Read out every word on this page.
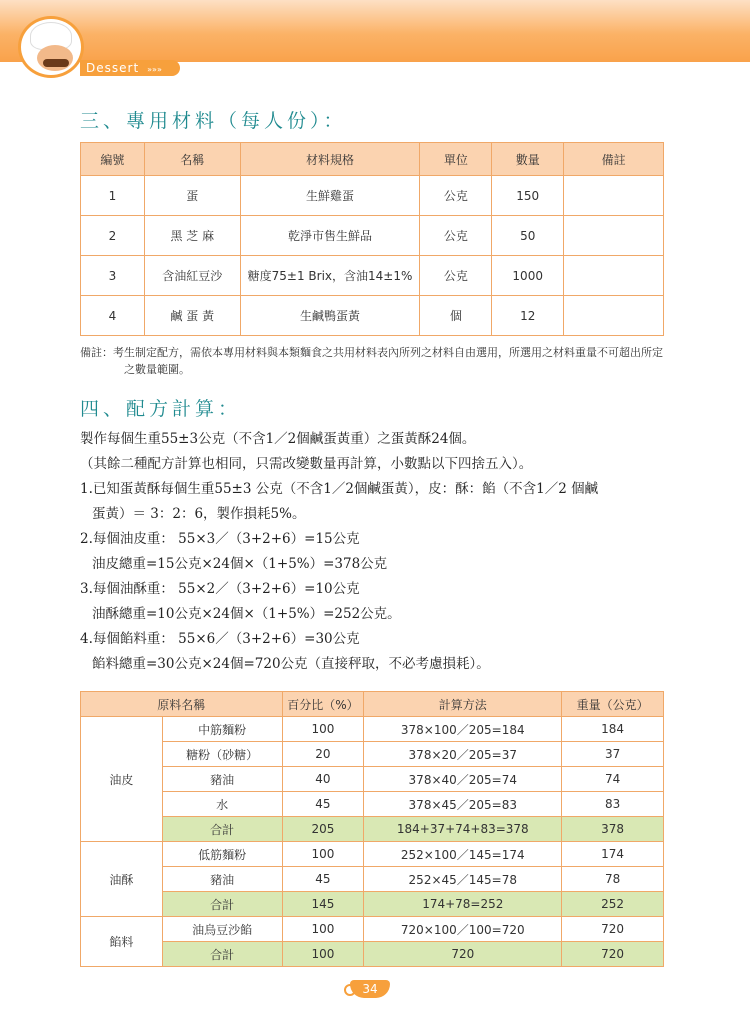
Dessert »»»
三、專用材料（每人份）：
編號	名稱	材料規格	單位	數量	備註
1	蛋	生鮮雞蛋	公克	150	
2	黑 芝 麻	乾淨市售生鮮品	公克	50	
3	含油紅豆沙	糖度75±1 Brix，含油14±1%	公克	1000	
4	鹹 蛋 黃	生鹹鴨蛋黃	個	12	
備註：考生制定配方，需依本專用材料與本類麵食之共用材料表內所列之材料自由選用，所選用之材料重量不可超出所定之數量範圍。
四、配方計算：

製作每個生重55±3公克（不含1／2個鹹蛋黃重）之蛋黃酥24個。

（其餘二種配方計算也相同，只需改變數量再計算，小數點以下四捨五入）。

1.已知蛋黃酥每個生重55±3 公克（不含1／2個鹹蛋黃），皮：酥：餡（不含1／2 個鹹

蛋黃）＝ 3：2：6，製作損耗5%。

2.每個油皮重： 55×3／（3+2+6）=15公克

油皮總重=15公克×24個×（1+5%）=378公克

3.每個油酥重： 55×2／（3+2+6）=10公克

油酥總重=10公克×24個×（1+5%）=252公克。

4.每個餡料重： 55×6／（3+2+6）=30公克

餡料總重=30公克×24個=720公克（直接秤取，不必考慮損耗）。

原料名稱		百分比（%）	計算方法	重量（公克）
油皮	中筋麵粉	100	378×100／205=184	184
	糖粉（砂糖）	20	378×20／205=37	37
	豬油	40	378×40／205=74	74
	水	45	378×45／205=83	83
	合計	205	184+37+74+83=378	378
油酥	低筋麵粉	100	252×100／145=174	174
	豬油	45	252×45／145=78	78
	合計	145	174+78=252	252
餡料	油烏豆沙餡	100	720×100／100=720	720
	合計	100	720	720
34
